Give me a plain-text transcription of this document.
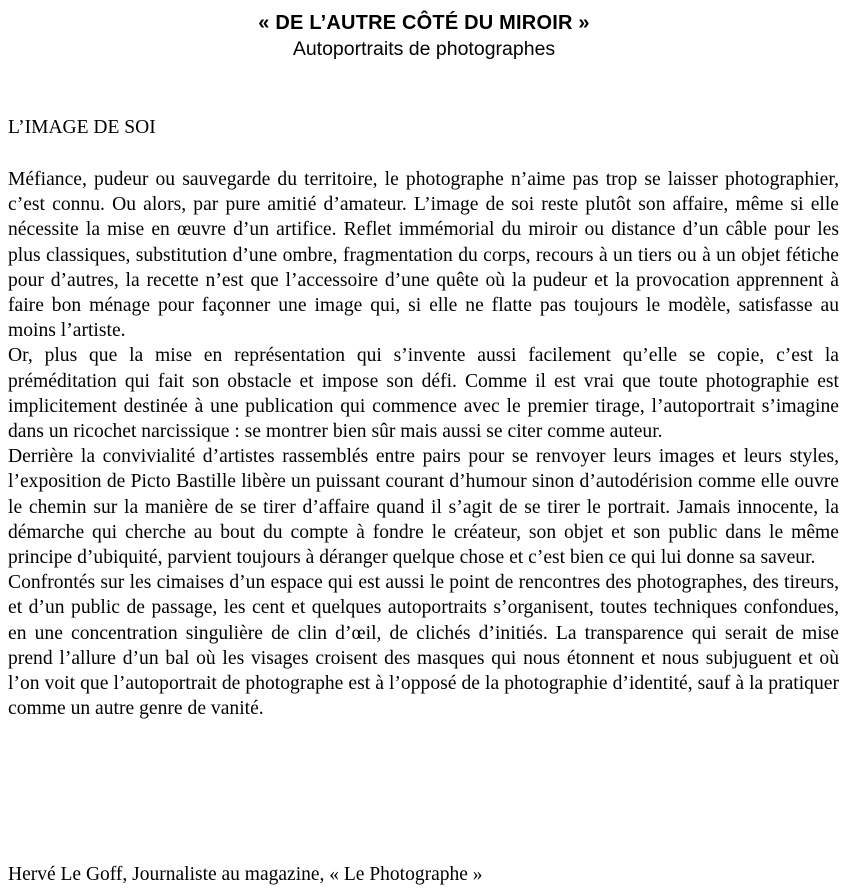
« DE L’AUTRE CÔTÉ DU MIROIR »
Autoportraits de photographes
L’IMAGE DE SOI

Méfiance, pudeur ou sauvegarde du territoire, le photographe n’aime pas trop se laisser photographier, c’est connu. Ou alors, par pure amitié d’amateur. L’image de soi reste plutôt son affaire, même si elle nécessite la mise en œuvre d’un artifice. Reflet immémorial du miroir ou distance d’un câble pour les plus classiques, substitution d’une ombre, fragmentation du corps, recours à un tiers ou à un objet fétiche pour d’autres, la recette n’est que l’accessoire d’une quête où la pudeur et la provocation apprennent à faire bon ménage pour façonner une image qui, si elle ne flatte pas toujours le modèle, satisfasse au moins l’artiste.

Or, plus que la mise en représentation qui s’invente aussi facilement qu’elle se copie, c’est la préméditation qui fait son obstacle et impose son défi. Comme il est vrai que toute photographie est implicitement destinée à une publication qui commence avec le premier tirage, l’autoportrait s’imagine dans un ricochet narcissique : se montrer bien sûr mais aussi se citer comme auteur.

Derrière la convivialité d’artistes rassemblés entre pairs pour se renvoyer leurs images et leurs styles, l’exposition de Picto Bastille libère un puissant courant d’humour sinon d’autodérision comme elle ouvre le chemin sur la manière de se tirer d’affaire quand il s’agit de se tirer le portrait. Jamais innocente, la démarche qui cherche au bout du compte à fondre le créateur, son objet et son public dans le même principe d’ubiquité, parvient toujours à déranger quelque chose et c’est bien ce qui lui donne sa saveur.

Confrontés sur les cimaises d’un espace qui est aussi le point de rencontres des photographes, des tireurs, et d’un public de passage, les cent et quelques autoportraits s’organisent, toutes techniques confondues, en une concentration singulière de clin d’œil, de clichés d’initiés. La transparence qui serait de mise prend l’allure d’un bal où les visages croisent des masques qui nous étonnent et nous subjuguent et où l’on voit que l’autoportrait de photographe est à l’opposé de la photographie d’identité, sauf à la pratiquer comme un autre genre de vanité.

Hervé Le Goff, Journaliste au magazine, « Le Photographe »
